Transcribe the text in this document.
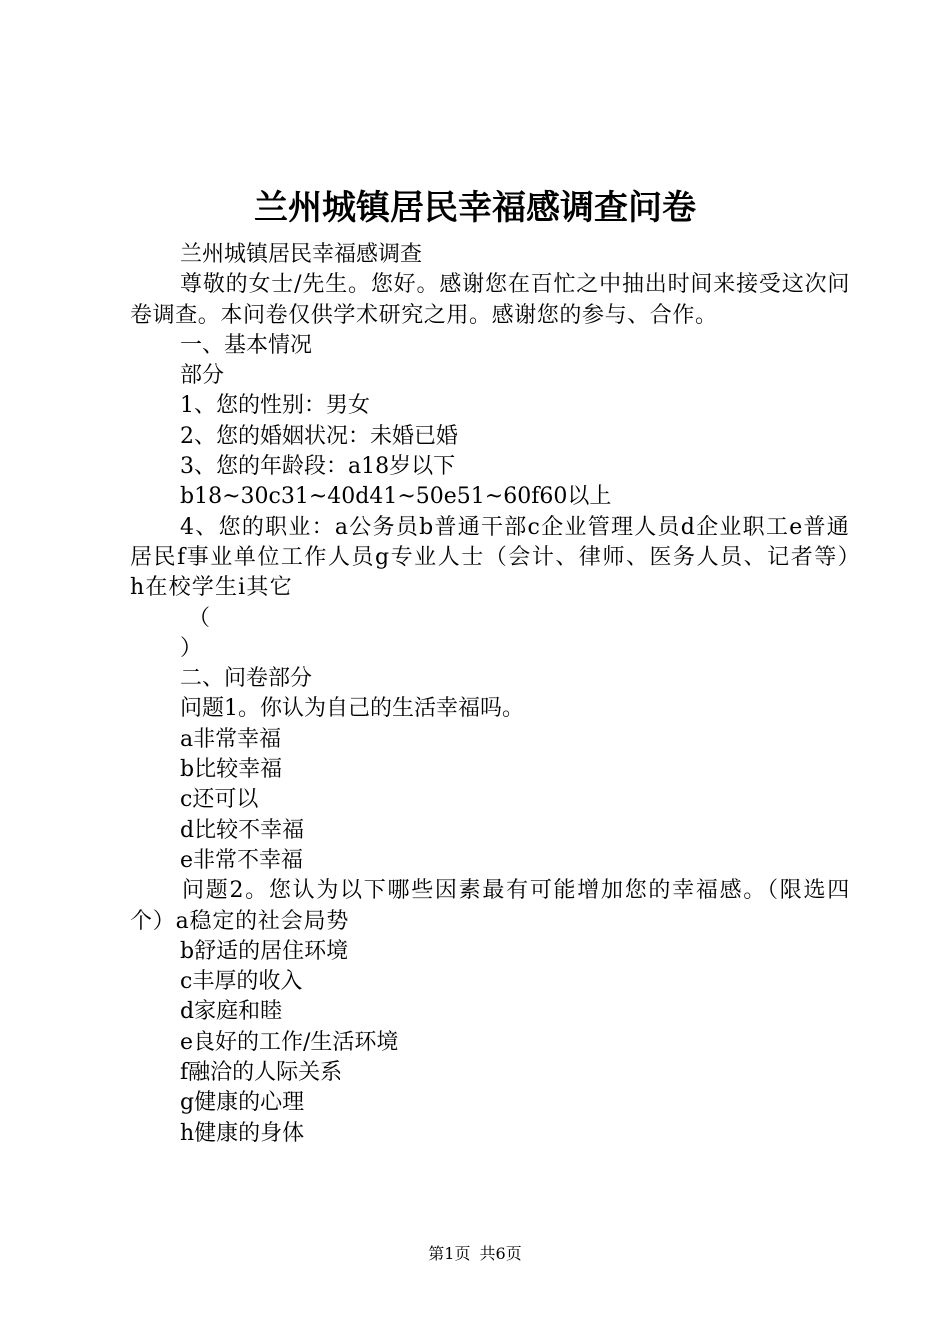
兰州城镇居民幸福感调查问卷
兰州城镇居民幸福感调查
尊敬的女士/先生。您好。感谢您在百忙之中抽出时间来接受这次问卷调查。本问卷仅供学术研究之用。感谢您的参与、合作。
一、基本情况
部分
1、您的性别：男女
2、您的婚姻状况：未婚已婚
3、您的年龄段：a18岁以下
b18~30c31~40d41~50e51~60f60以上
4、您的职业：a公务员b普通干部c企业管理人员d企业职工e普通居民f事业单位工作人员g专业人士（会计、律师、医务人员、记者等）h在校学生i其它
（
）
二、问卷部分
问题1。你认为自己的生活幸福吗。
a非常幸福
b比较幸福
c还可以
d比较不幸福
e非常不幸福
问题2。您认为以下哪些因素最有可能增加您的幸福感。（限选四个）a稳定的社会局势
b舒适的居住环境
c丰厚的收入
d家庭和睦
e良好的工作/生活环境
f融洽的人际关系
g健康的心理
h健康的身体
第1页 共6页
